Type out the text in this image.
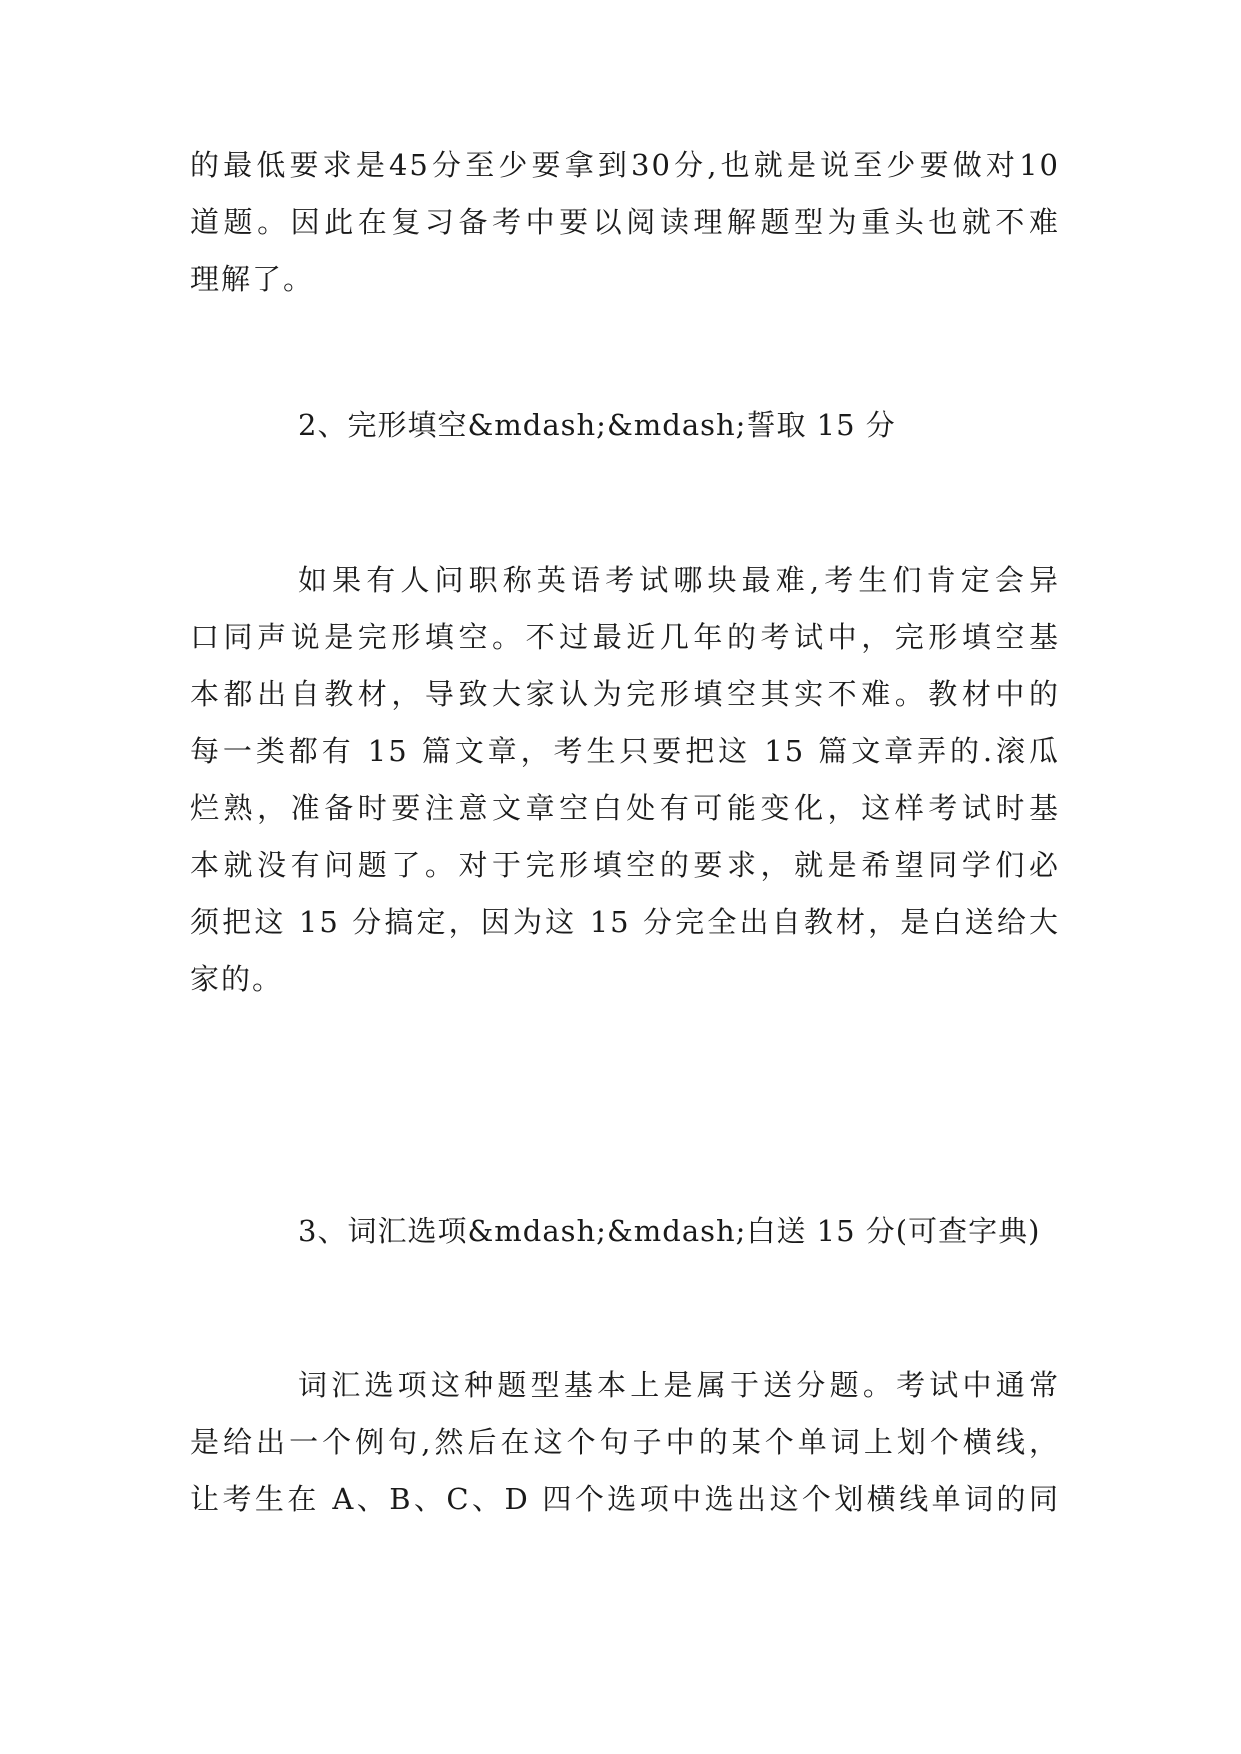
的最低要求是45分至少要拿到30分,也就是说至少要做对10
道题。因此在复习备考中要以阅读理解题型为重头也就不难
理解了。
2、完形填空&mdash;&mdash;誓取 15 分
如果有人问职称英语考试哪块最难,考生们肯定会异
口同声说是完形填空。不过最近几年的考试中，完形填空基
本都出自教材，导致大家认为完形填空其实不难。教材中的
每一类都有 15 篇文章，考生只要把这 15 篇文章弄的.滚瓜
烂熟，准备时要注意文章空白处有可能变化，这样考试时基
本就没有问题了。对于完形填空的要求，就是希望同学们必
须把这 15 分搞定，因为这 15 分完全出自教材，是白送给大
家的。
3、词汇选项&mdash;&mdash;白送 15 分(可查字典)
词汇选项这种题型基本上是属于送分题。考试中通常
是给出一个例句,然后在这个句子中的某个单词上划个横线，
让考生在 A、B、C、D 四个选项中选出这个划横线单词的同
